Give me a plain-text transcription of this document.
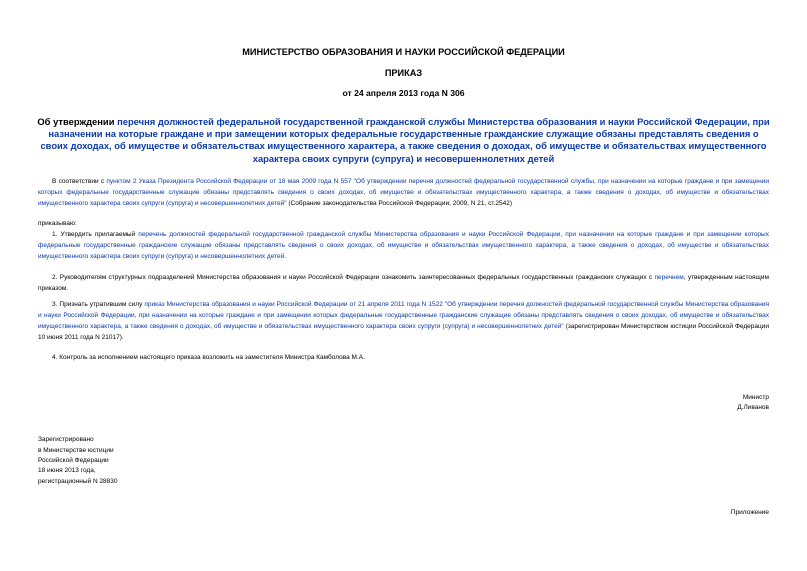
МИНИСТЕРСТВО ОБРАЗОВАНИЯ И НАУКИ РОССИЙСКОЙ ФЕДЕРАЦИИ
ПРИКАЗ
от 24 апреля 2013 года N 306
Об утверждении перечня должностей федеральной государственной гражданской службы Министерства образования и науки Российской Федерации, при назначении на которые граждане и при замещении которых федеральные государственные гражданские служащие обязаны представлять сведения о своих доходах, об имуществе и обязательствах имущественного характера, а также сведения о доходах, об имуществе и обязательствах имущественного характера своих супруги (супруга) и несовершеннолетних детей
В соответствии с пунктом 2 Указа Президента Российской Федерации от 18 мая 2009 года N 557 "Об утверждении перечня должностей федеральной государственной службы, при назначении на которые граждане и при замещении которых федеральные государственные служащие обязаны представлять сведения о своих доходах, об имуществе и обязательствах имущественного характера, а также сведения о доходах, об имуществе и обязательствах имущественного характера своих супруги (супруга) и несовершеннолетних детей" (Собрание законодательства Российской Федерации, 2009, N 21, ст.2542)
приказываю:
1. Утвердить прилагаемый перечень должностей федеральной государственной гражданской службы Министерства образования и науки Российской Федерации, при назначении на которые граждане и при замещении которых федеральные государственные гражданские служащие обязаны представлять сведения о своих доходах, об имуществе и обязательствах имущественного характера, а также сведения о доходах, об имуществе и обязательствах имущественного характера своих супруги (супруга) и несовершеннолетних детей.
2. Руководителям структурных подразделений Министерства образования и науки Российской Федерации ознакомить заинтересованных федеральных государственных гражданских служащих с перечнем, утвержденным настоящим приказом.
3. Признать утратившим силу приказ Министерства образования и науки Российской Федерации от 21 апреля 2011 года N 1522 "Об утверждении перечня должностей федеральной государственной службы Министерства образования и науки Российской Федерации, при назначении на которые граждане и при замещении которых федеральные государственные гражданские служащие обязаны представлять сведения о своих доходах, об имуществе и обязательствах имущественного характера, а также сведения о доходах, об имуществе и обязательствах имущественного характера своих супруги (супруга) и несовершеннолетних детей" (зарегистрирован Министерством юстиции Российской Федерации 10 июня 2011 года N 21017).
4. Контроль за исполнением настоящего приказа возложить на заместителя Министра Камболова М.А.
Министр
Д.Ливанов
Зарегистрировано
в Министерстве юстиции
Российской Федерации
18 июня 2013 года,
регистрационный N 28830
Приложение
